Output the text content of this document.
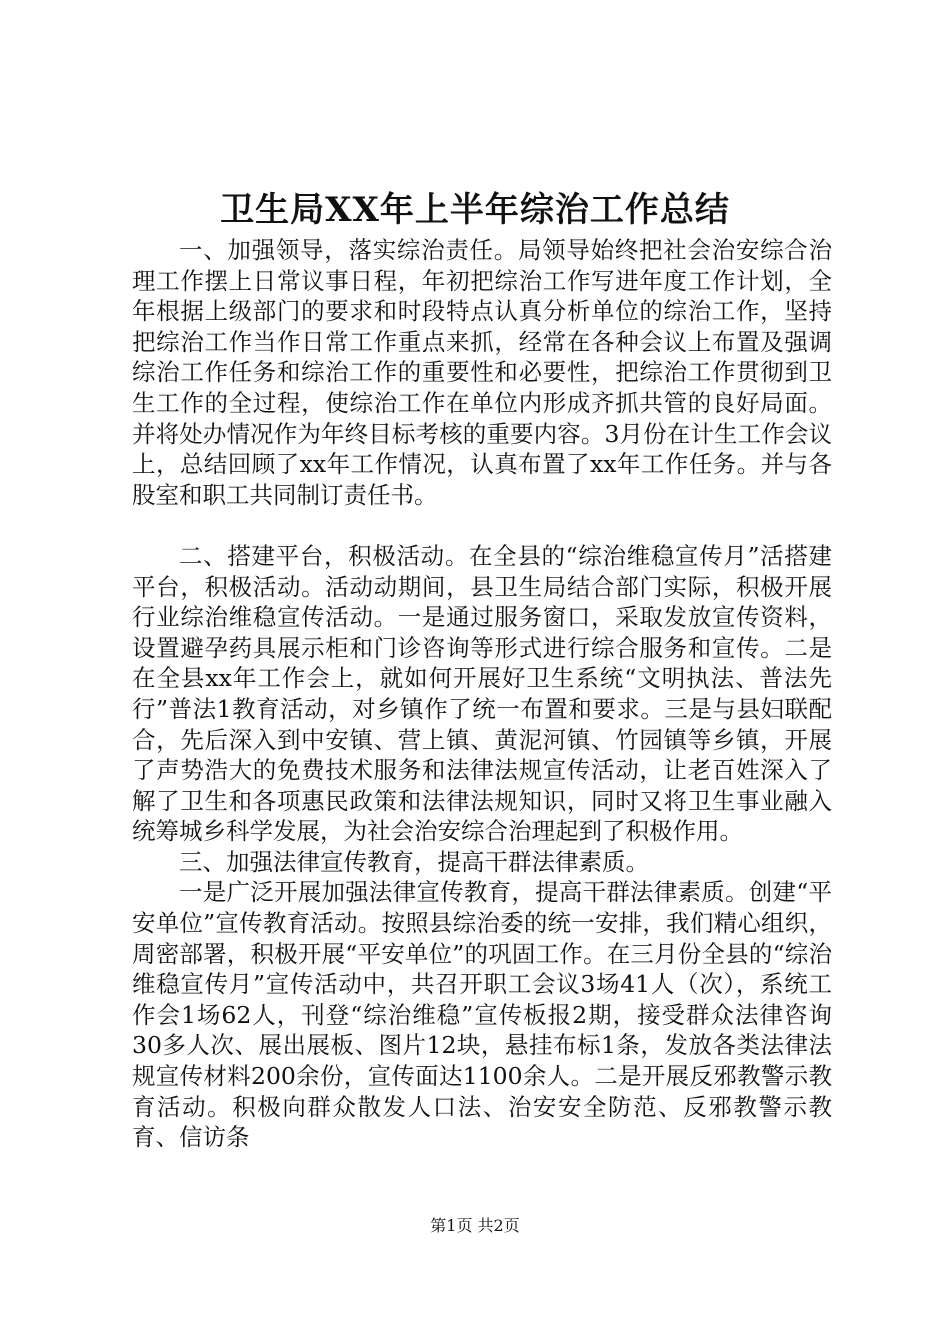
卫生局XX年上半年综治工作总结

一、加强领导，落实综治责任。局领导始终把社会治安综合治理工作摆上日常议事日程，年初把综治工作写进年度工作计划，全年根据上级部门的要求和时段特点认真分析单位的综治工作，坚持把综治工作当作日常工作重点来抓，经常在各种会议上布置及强调综治工作任务和综治工作的重要性和必要性，把综治工作贯彻到卫生工作的全过程，使综治工作在单位内形成齐抓共管的良好局面。并将处办情况作为年终目标考核的重要内容。3月份在计生工作会议上，总结回顾了xx年工作情况，认真布置了xx年工作任务。并与各股室和职工共同制订责任书。

二、搭建平台，积极活动。在全县的“综治维稳宣传月”活搭建平台，积极活动。活动动期间，县卫生局结合部门实际，积极开展行业综治维稳宣传活动。一是通过服务窗口，采取发放宣传资料，设置避孕药具展示柜和门诊咨询等形式进行综合服务和宣传。二是在全县xx年工作会上，就如何开展好卫生系统“文明执法、普法先行”普法1教育活动，对乡镇作了统一布置和要求。三是与县妇联配合，先后深入到中安镇、营上镇、黄泥河镇、竹园镇等乡镇，开展了声势浩大的免费技术服务和法律法规宣传活动，让老百姓深入了解了卫生和各项惠民政策和法律法规知识，同时又将卫生事业融入统筹城乡科学发展，为社会治安综合治理起到了积极作用。

三、加强法律宣传教育，提高干群法律素质。

一是广泛开展加强法律宣传教育，提高干群法律素质。创建“平安单位”宣传教育活动。按照县综治委的统一安排，我们精心组织，周密部署，积极开展“平安单位”的巩固工作。在三月份全县的“综治维稳宣传月”宣传活动中，共召开职工会议3场41人（次），系统工作会1场62人，刊登“综治维稳”宣传板报2期，接受群众法律咨询30多人次、展出展板、图片12块，悬挂布标1条，发放各类法律法规宣传材料200余份，宣传面达1100余人。二是开展反邪教警示教育活动。积极向群众散发人口法、治安安全防范、反邪教警示教育、信访条

第1页 共2页
